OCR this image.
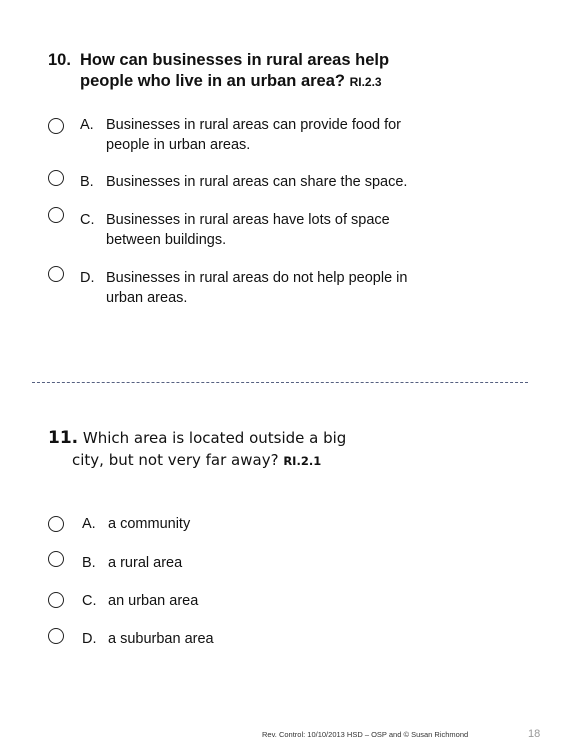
10. How can businesses in rural areas help
people who live in an urban area? RI.2.3
A. Businesses in rural areas can provide food for people in urban areas.
B. Businesses in rural areas can share the space.
C. Businesses in rural areas have lots of space between buildings.
D. Businesses in rural areas do not help people in urban areas.
11. Which area is located outside a big
city, but not very far away? RI.2.1
A. a community
B. a rural area
C. an urban area
D. a suburban area
Rev. Control: 10/10/2013 HSD – OSP and © Susan Richmond	18
